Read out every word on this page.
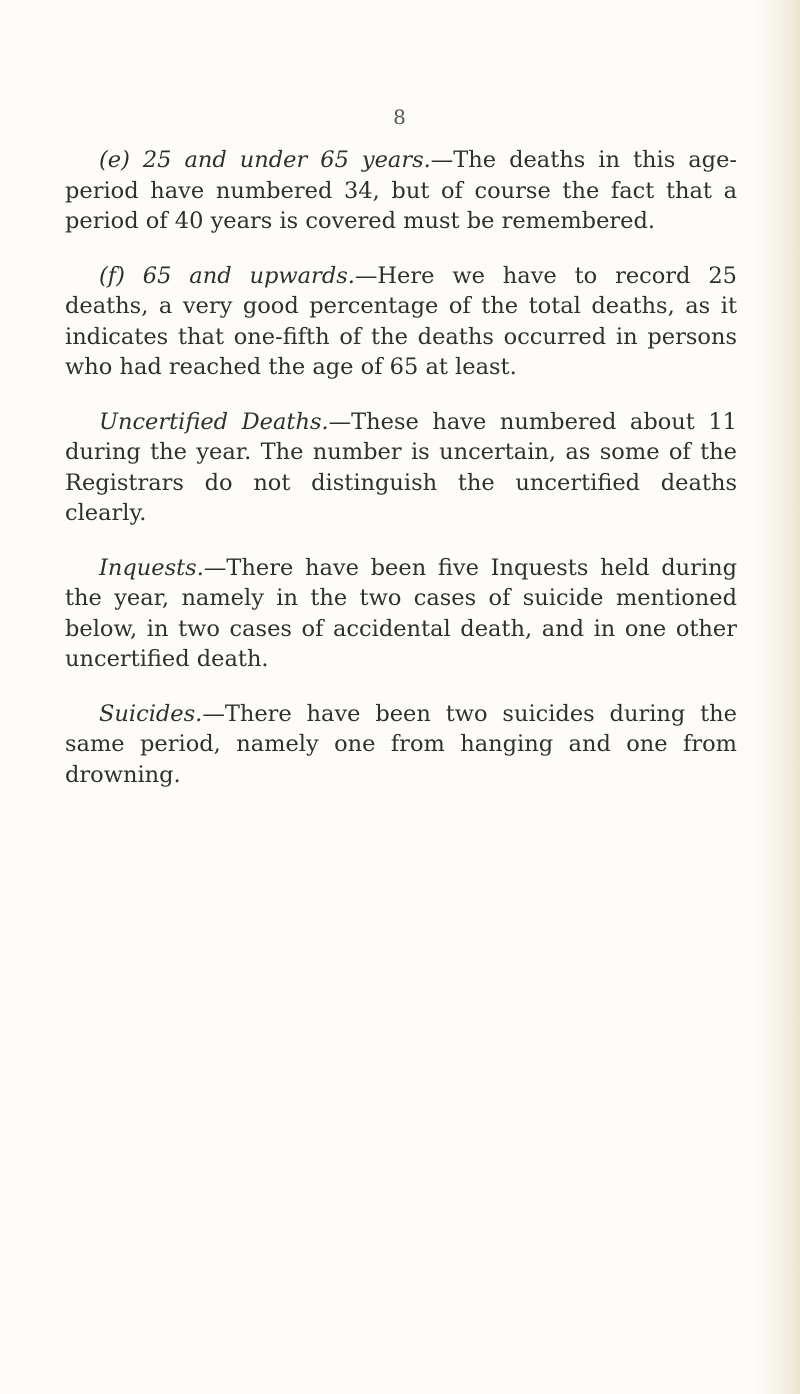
8

(e) 25 and under 65 years.—The deaths in this age-period have numbered 34, but of course the fact that a period of 40 years is covered must be remembered.

(f) 65 and upwards.—Here we have to record 25 deaths, a very good percentage of the total deaths, as it indicates that one-fifth of the deaths occurred in persons who had reached the age of 65 at least.

Uncertified Deaths.—These have numbered about 11 during the year. The number is uncertain, as some of the Registrars do not distinguish the uncertified deaths clearly.

Inquests.—There have been five Inquests held during the year, namely in the two cases of suicide mentioned below, in two cases of accidental death, and in one other uncertified death.

Suicides.—There have been two suicides during the same period, namely one from hanging and one from drowning.
